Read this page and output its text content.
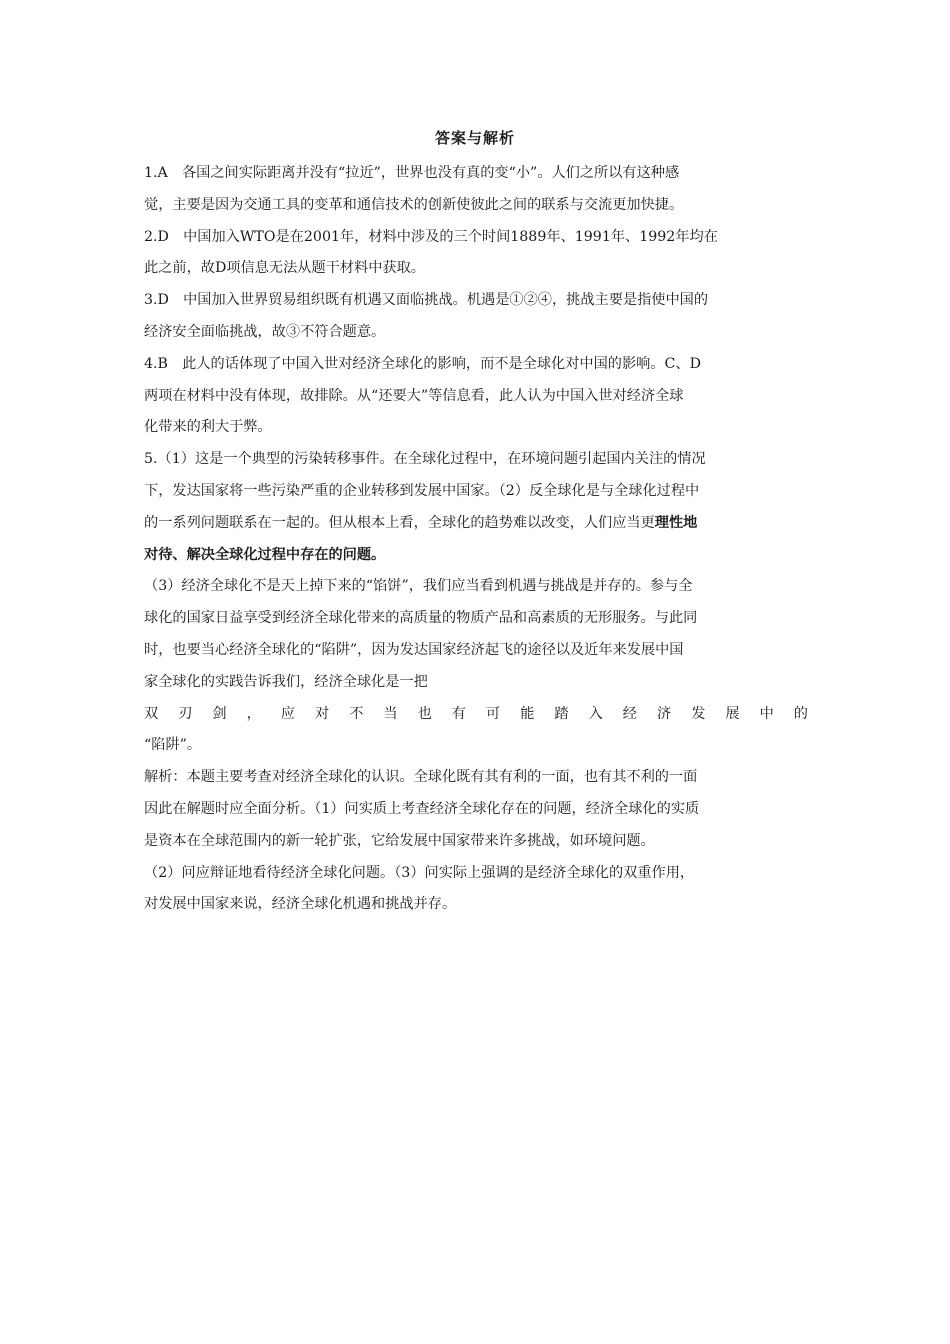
答案与解析

1.A　各国之间实际距离并没有“拉近”，世界也没有真的变“小”。人们之所以有这种感

觉，主要是因为交通工具的变革和通信技术的创新使彼此之间的联系与交流更加快捷。

2.D　中国加入WTO是在2001年，材料中涉及的三个时间1889年、1991年、1992年均在

此之前，故D项信息无法从题干材料中获取。

3.D　中国加入世界贸易组织既有机遇又面临挑战。机遇是①②④，挑战主要是指使中国的

经济安全面临挑战，故③不符合题意。

4.B　此人的话体现了中国入世对经济全球化的影响，而不是全球化对中国的影响。C、D

两项在材料中没有体现，故排除。从“还要大”等信息看，此人认为中国入世对经济全球

化带来的利大于弊。

5.（1）这是一个典型的污染转移事件。在全球化过程中，在环境问题引起国内关注的情况

下，发达国家将一些污染严重的企业转移到发展中国家。（2）反全球化是与全球化过程中

的一系列问题联系在一起的。但从根本上看，全球化的趋势难以改变，人们应当更理性地

对待、解决全球化过程中存在的问题。

（3）经济全球化不是天上掉下来的“馅饼”，我们应当看到机遇与挑战是并存的。参与全

球化的国家日益享受到经济全球化带来的高质量的物质产品和高素质的无形服务。与此同

时，也要当心经济全球化的“陷阱”，因为发达国家经济起飞的途径以及近年来发展中国

家全球化的实践告诉我们，经济全球化是一把

双刃剑，应对不当也有可能踏入经济发展中的

“陷阱”。

解析：本题主要考查对经济全球化的认识。全球化既有其有利的一面，也有其不利的一面

因此在解题时应全面分析。（1）问实质上考查经济全球化存在的问题，经济全球化的实质

是资本在全球范围内的新一轮扩张，它给发展中国家带来许多挑战，如环境问题。

（2）问应辩证地看待经济全球化问题。（3）问实际上强调的是经济全球化的双重作用，

对发展中国家来说，经济全球化机遇和挑战并存。
